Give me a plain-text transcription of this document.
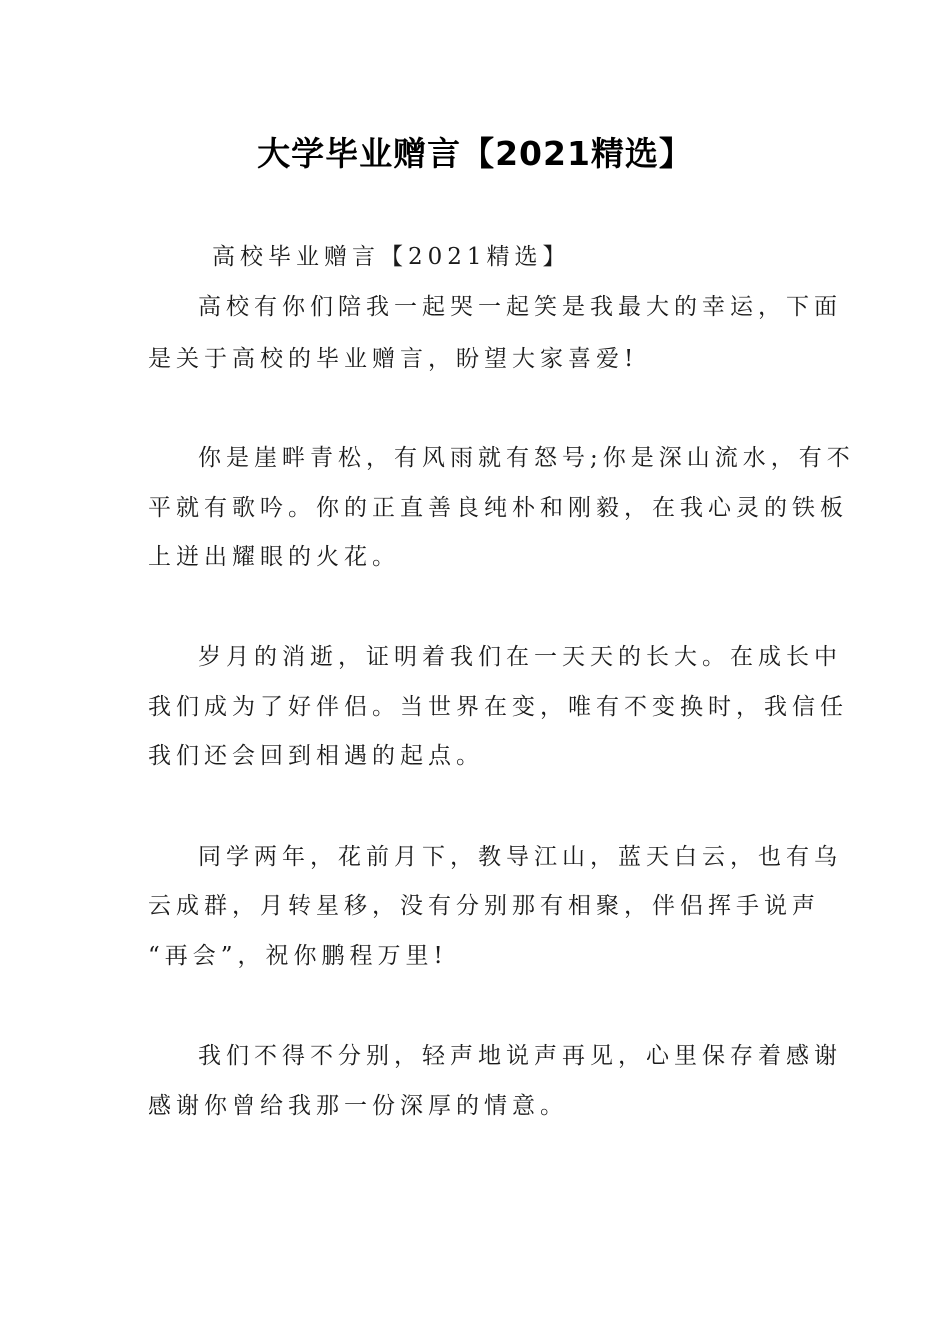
大学毕业赠言【2021精选】
高校毕业赠言【2021精选】
高校有你们陪我一起哭一起笑是我最大的幸运，下面
是关于高校的毕业赠言，盼望大家喜爱!
你是崖畔青松，有风雨就有怒号;你是深山流水，有不
平就有歌吟。你的正直善良纯朴和刚毅，在我心灵的铁板
上迸出耀眼的火花。
岁月的消逝，证明着我们在一天天的长大。在成长中
我们成为了好伴侣。当世界在变，唯有不变换时，我信任
我们还会回到相遇的起点。
同学两年，花前月下，教导江山，蓝天白云，也有乌
云成群，月转星移，没有分别那有相聚，伴侣挥手说声
“再会”，祝你鹏程万里!
我们不得不分别，轻声地说声再见，心里保存着感谢
感谢你曾给我那一份深厚的情意。
